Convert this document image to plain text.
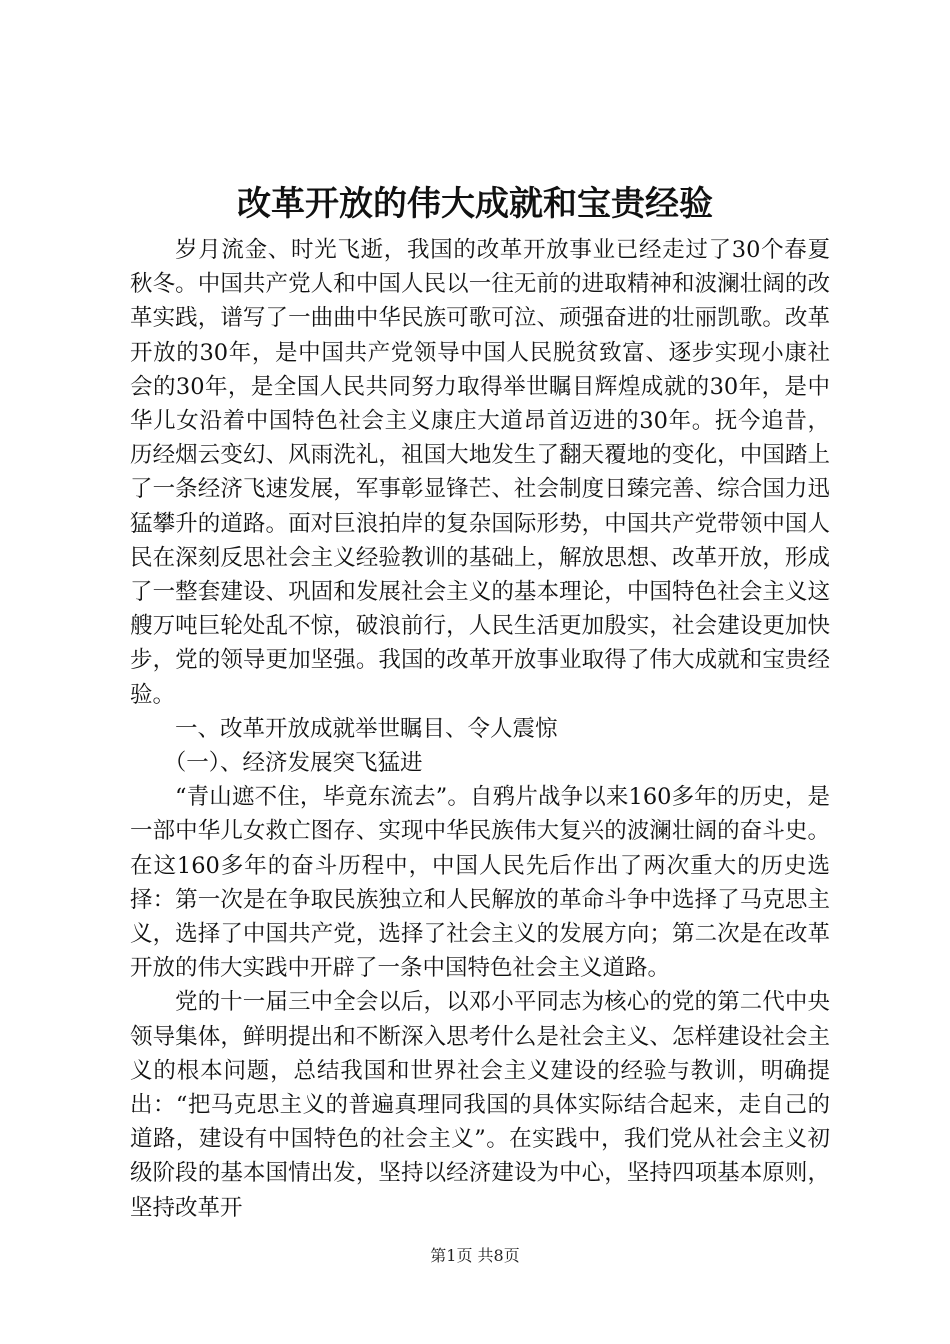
改革开放的伟大成就和宝贵经验

岁月流金、时光飞逝，我国的改革开放事业已经走过了30个春夏秋冬。中国共产党人和中国人民以一往无前的进取精神和波澜壮阔的改革实践，谱写了一曲曲中华民族可歌可泣、顽强奋进的壮丽凯歌。改革开放的30年，是中国共产党领导中国人民脱贫致富、逐步实现小康社会的30年，是全国人民共同努力取得举世瞩目辉煌成就的30年，是中华儿女沿着中国特色社会主义康庄大道昂首迈进的30年。抚今追昔，历经烟云变幻、风雨洗礼，祖国大地发生了翻天覆地的变化，中国踏上了一条经济飞速发展，军事彰显锋芒、社会制度日臻完善、综合国力迅猛攀升的道路。面对巨浪拍岸的复杂国际形势，中国共产党带领中国人民在深刻反思社会主义经验教训的基础上，解放思想、改革开放，形成了一整套建设、巩固和发展社会主义的基本理论，中国特色社会主义这艘万吨巨轮处乱不惊，破浪前行，人民生活更加殷实，社会建设更加快步，党的领导更加坚强。我国的改革开放事业取得了伟大成就和宝贵经验。

一、改革开放成就举世瞩目、令人震惊

（一）、经济发展突飞猛进

“青山遮不住，毕竟东流去”。自鸦片战争以来160多年的历史，是一部中华儿女救亡图存、实现中华民族伟大复兴的波澜壮阔的奋斗史。在这160多年的奋斗历程中，中国人民先后作出了两次重大的历史选择：第一次是在争取民族独立和人民解放的革命斗争中选择了马克思主义，选择了中国共产党，选择了社会主义的发展方向；第二次是在改革开放的伟大实践中开辟了一条中国特色社会主义道路。

党的十一届三中全会以后，以邓小平同志为核心的党的第二代中央领导集体，鲜明提出和不断深入思考什么是社会主义、怎样建设社会主义的根本问题，总结我国和世界社会主义建设的经验与教训，明确提出：“把马克思主义的普遍真理同我国的具体实际结合起来，走自己的道路，建设有中国特色的社会主义”。在实践中，我们党从社会主义初级阶段的基本国情出发，坚持以经济建设为中心，坚持四项基本原则，坚持改革开

第1页 共8页
